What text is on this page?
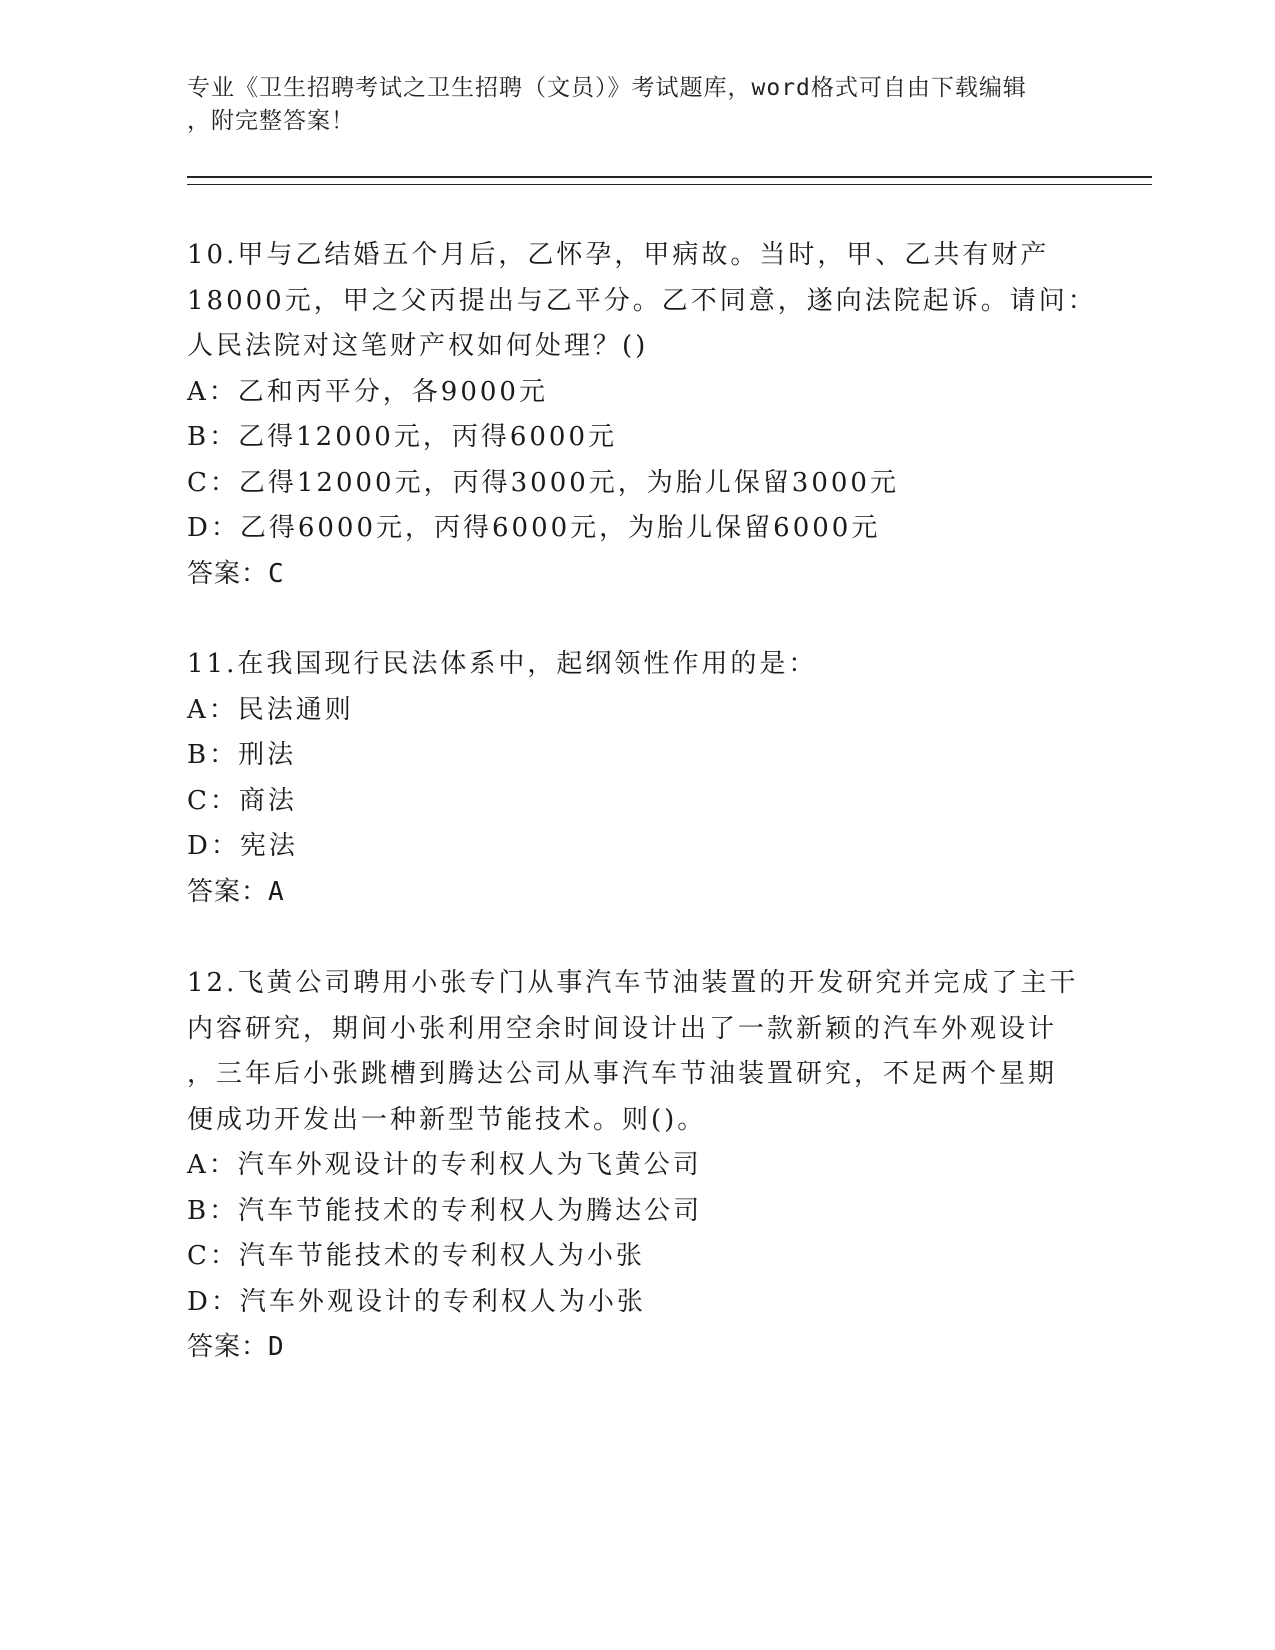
专业《卫生招聘考试之卫生招聘（文员）》考试题库，word格式可自由下载编辑
，附完整答案！
10.甲与乙结婚五个月后，乙怀孕，甲病故。当时，甲、乙共有财产
18000元，甲之父丙提出与乙平分。乙不同意，遂向法院起诉。请问：
人民法院对这笔财产权如何处理？()
A：乙和丙平分，各9000元
B：乙得12000元，丙得6000元
C：乙得12000元，丙得3000元，为胎儿保留3000元
D：乙得6000元，丙得6000元，为胎儿保留6000元
答案：C
11.在我国现行民法体系中，起纲领性作用的是：
A：民法通则
B：刑法
C：商法
D：宪法
答案：A
12.飞黄公司聘用小张专门从事汽车节油装置的开发研究并完成了主干
内容研究，期间小张利用空余时间设计出了一款新颖的汽车外观设计
，三年后小张跳槽到腾达公司从事汽车节油装置研究，不足两个星期
便成功开发出一种新型节能技术。则()。
A：汽车外观设计的专利权人为飞黄公司
B：汽车节能技术的专利权人为腾达公司
C：汽车节能技术的专利权人为小张
D：汽车外观设计的专利权人为小张
答案：D
